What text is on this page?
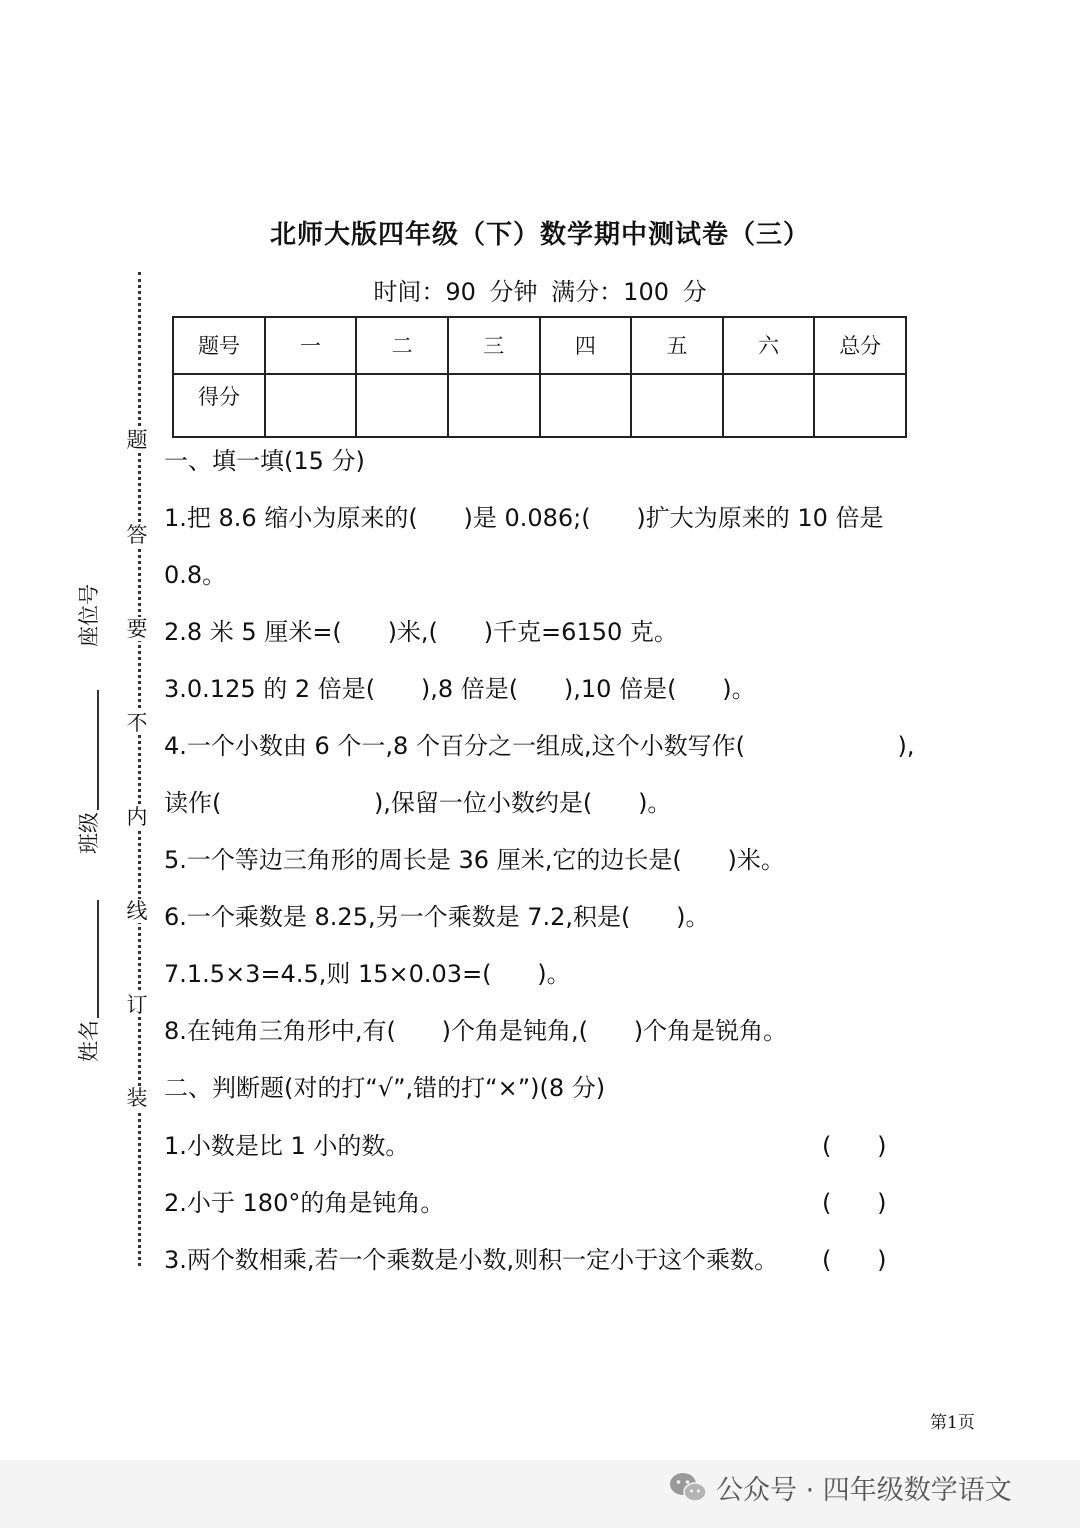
北师大版四年级（下）数学期中测试卷（三）
时间：90 分钟 满分：100 分
题号	一	二	三	四	五	六	总分
得分							
题
答
要
不
内
线
订
装
座位号
班级
姓名
一、填一填(15 分)
1.把 8.6 缩小为原来的(      )是 0.086;(      )扩大为原来的 10 倍是
0.8。
2.8 米 5 厘米=(      )米,(      )千克=6150 克。
3.0.125 的 2 倍是(      ),8 倍是(      ),10 倍是(      )。
4.一个小数由 6 个一,8 个百分之一组成,这个小数写作(                    ),
读作(                    ),保留一位小数约是(      )。
5.一个等边三角形的周长是 36 厘米,它的边长是(      )米。
6.一个乘数是 8.25,另一个乘数是 7.2,积是(      )。
7.1.5×3=4.5,则 15×0.03=(      )。
8.在钝角三角形中,有(      )个角是钝角,(      )个角是锐角。
二、判断题(对的打“√”,错的打“×”)(8 分)
1.小数是比 1 小的数。	(      )
2.小于 180°的角是钝角。	(      )
3.两个数相乘,若一个乘数是小数,则积一定小于这个乘数。 (      )
第1页
公众号 · 四年级数学语文
